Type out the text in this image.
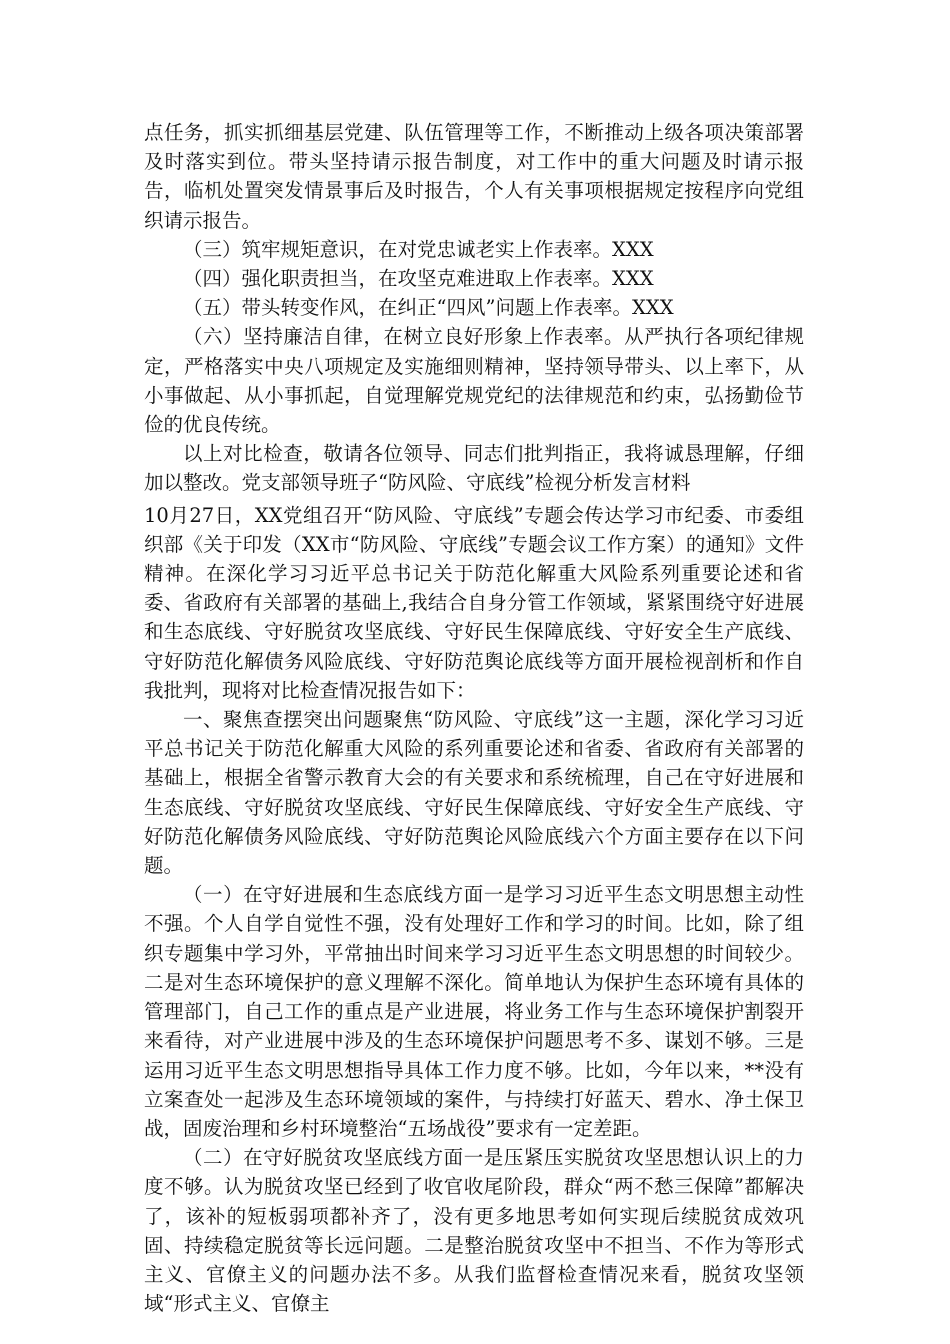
点任务，抓实抓细基层党建、队伍管理等工作，不断推动上级各项决策部署及时落实到位。带头坚持请示报告制度，对工作中的重大问题及时请示报告，临机处置突发情景事后及时报告，个人有关事项根据规定按程序向党组织请示报告。

（三）筑牢规矩意识，在对党忠诚老实上作表率。XXX

（四）强化职责担当，在攻坚克难进取上作表率。XXX

（五）带头转变作风，在纠正“四风”问题上作表率。XXX

（六）坚持廉洁自律，在树立良好形象上作表率。从严执行各项纪律规定，严格落实中央八项规定及实施细则精神，坚持领导带头、以上率下，从小事做起、从小事抓起，自觉理解党规党纪的法律规范和约束，弘扬勤俭节俭的优良传统。

以上对比检查，敬请各位领导、同志们批判指正，我将诚恳理解，仔细加以整改。党支部领导班子“防风险、守底线”检视分析发言材料

10月27日，XX党组召开“防风险、守底线”专题会传达学习市纪委、市委组织部《关于印发（XX市“防风险、守底线”专题会议工作方案）的通知》文件精神。在深化学习习近平总书记关于防范化解重大风险系列重要论述和省委、省政府有关部署的基础上,我结合自身分管工作领域，紧紧围绕守好进展和生态底线、守好脱贫攻坚底线、守好民生保障底线、守好安全生产底线、守好防范化解债务风险底线、守好防范舆论底线等方面开展检视剖析和作自我批判，现将对比检查情况报告如下：

一、聚焦查摆突出问题聚焦“防风险、守底线”这一主题，深化学习习近平总书记关于防范化解重大风险的系列重要论述和省委、省政府有关部署的基础上，根据全省警示教育大会的有关要求和系统梳理，自己在守好进展和生态底线、守好脱贫攻坚底线、守好民生保障底线、守好安全生产底线、守好防范化解债务风险底线、守好防范舆论风险底线六个方面主要存在以下问题。

（一）在守好进展和生态底线方面一是学习习近平生态文明思想主动性不强。个人自学自觉性不强，没有处理好工作和学习的时间。比如，除了组织专题集中学习外，平常抽出时间来学习习近平生态文明思想的时间较少。二是对生态环境保护的意义理解不深化。简单地认为保护生态环境有具体的管理部门，自己工作的重点是产业进展，将业务工作与生态环境保护割裂开来看待，对产业进展中涉及的生态环境保护问题思考不多、谋划不够。三是运用习近平生态文明思想指导具体工作力度不够。比如，今年以来，**没有立案查处一起涉及生态环境领域的案件，与持续打好蓝天、碧水、净土保卫战，固废治理和乡村环境整治“五场战役”要求有一定差距。

（二）在守好脱贫攻坚底线方面一是压紧压实脱贫攻坚思想认识上的力度不够。认为脱贫攻坚已经到了收官收尾阶段，群众“两不愁三保障”都解决了，该补的短板弱项都补齐了，没有更多地思考如何实现后续脱贫成效巩固、持续稳定脱贫等长远问题。二是整治脱贫攻坚中不担当、不作为等形式主义、官僚主义的问题办法不多。从我们监督检查情况来看，脱贫攻坚领域“形式主义、官僚主
